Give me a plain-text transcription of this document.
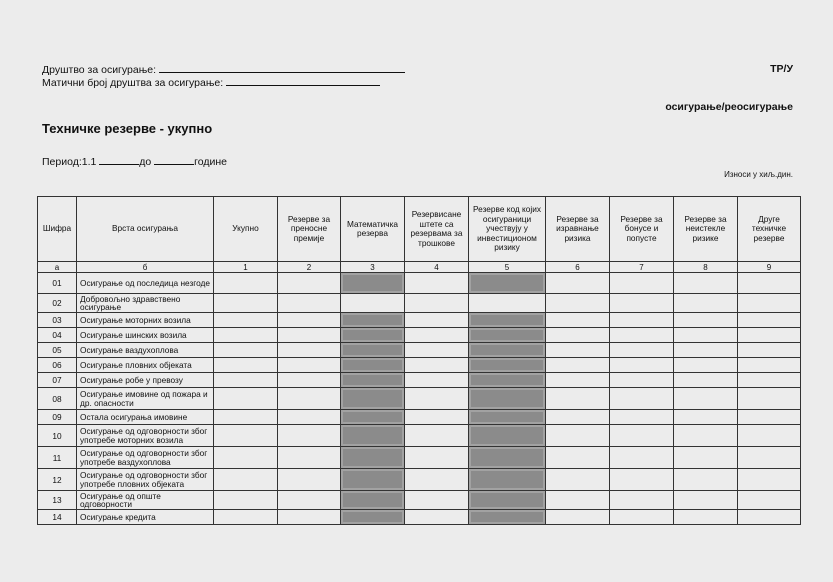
Друштво за осигурање:
Матични број друштва за осигурање:
ТР/У
осигурање/реосигурање
Техничке резерве - укупно
Период:1.1	до	године
Износи у хиљ.дин.
Шифра	Врста осигурања	Укупно	Резерве за преносне премије	Математичка резерва	Резервисане штете са резервама за трошкове	Резерве код којих осигураници учествују у инвестиционом ризику	Резерве за изравнање ризика	Резерве за бонусе и попусте	Резерве за неистекле ризике	Друге техничке резерве
а	б	1	2	3	4	5	6	7	8	9
01	Осигурање од последица незгоде									
02	Добровољно здравствено осигурање									
03	Осигурање моторних возила									
04	Осигурање шинских возила									
05	Осигурање ваздухоплова									
06	Осигурање пловних објеката									
07	Осигурање робе у превозу									
08	Осигурање имовине од пожара и др. опасности									
09	Остала осигурања имовине									
10	Осигурање од одговорности због употребе моторних возила									
11	Осигурање од одговорности због употребе ваздухоплова									
12	Осигурање од одговорности због употребе пловних објеката									
13	Осигурање од опште одговорности									
14	Осигурање кредита									
